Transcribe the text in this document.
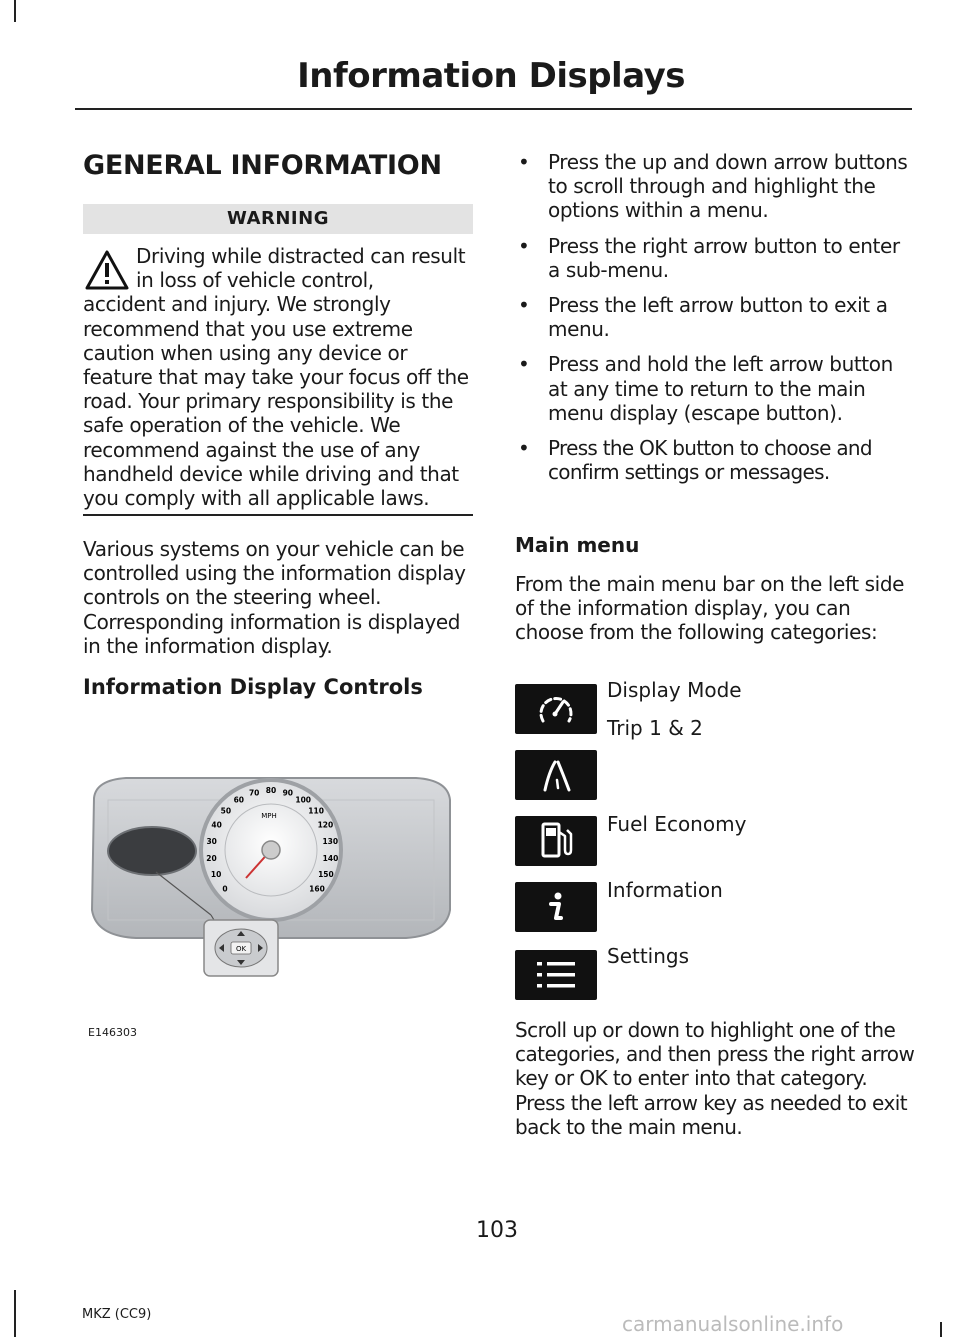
Information Displays
GENERAL INFORMATION
WARNING
Driving while distracted can result in loss of vehicle control,
accident and injury. We strongly recommend that you use extreme caution when using any device or feature that may take your focus off the road. Your primary responsibility is the safe operation of the vehicle. We recommend against the use of any handheld device while driving and that you comply with all applicable laws.
Various systems on your vehicle can be controlled using the information display controls on the steering wheel. Corresponding information is displayed in the information display.
Information Display Controls
0
10
20
30
40
50
60
70 80 90
100
110
120
130
140
150
160
MPH
OK
E146303
• Press the up and down arrow buttons to scroll through and highlight the options within a menu.
• Press the right arrow button to enter a sub-menu.
• Press the left arrow button to exit a menu.
• Press and hold the left arrow button at any time to return to the main menu display (escape button).
• Press the OK button to choose and confirm settings or messages.
Main menu
From the main menu bar on the left side of the information display, you can choose from the following categories:
Display Mode
Trip 1 & 2
Fuel Economy
Information
Settings
Scroll up or down to highlight one of the categories, and then press the right arrow key or OK to enter into that category. Press the left arrow key as needed to exit back to the main menu.
103
MKZ (CC9)	carmanualsonline.info
